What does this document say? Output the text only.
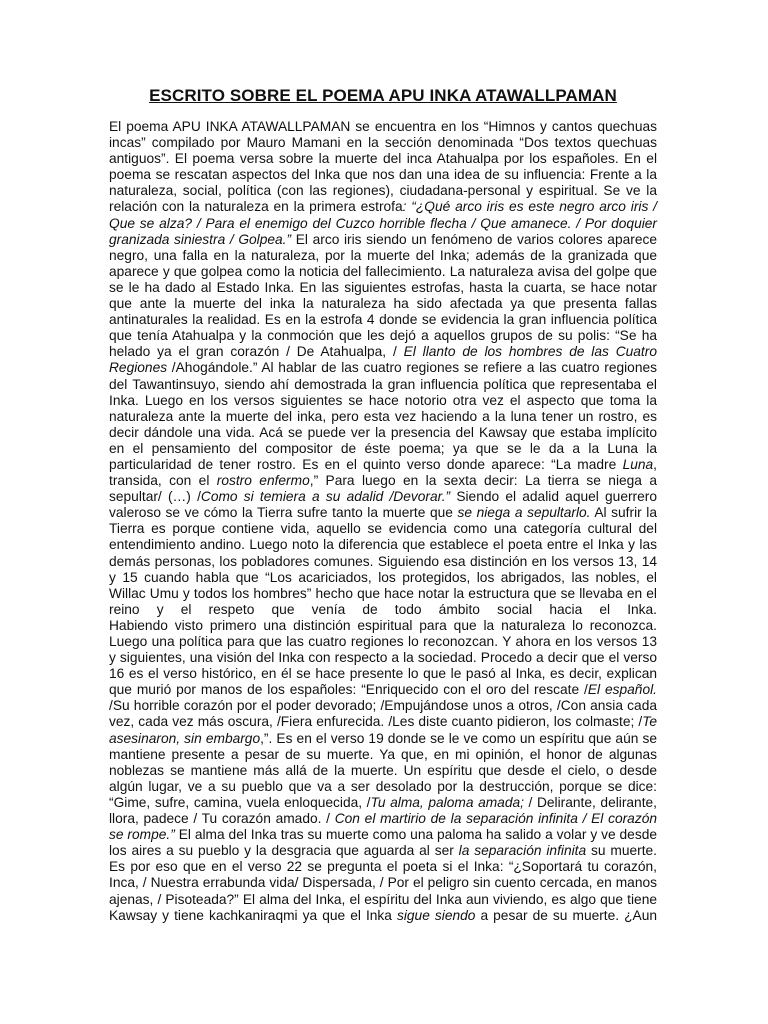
ESCRITO SOBRE EL POEMA APU INKA ATAWALLPAMAN

El poema APU INKA ATAWALLPAMAN se encuentra en los “Himnos y cantos quechuas incas” compilado por Mauro Mamani en la sección denominada “Dos textos quechuas antiguos”. El poema versa sobre la muerte del inca Atahualpa por los españoles. En el poema se rescatan aspectos del Inka que nos dan una idea de su influencia: Frente a la naturaleza, social, política (con las regiones), ciudadana-personal y espiritual. Se ve la relación con la naturaleza en la primera estrofa: “¿Qué arco iris es este negro arco iris / Que se alza? / Para el enemigo del Cuzco horrible flecha / Que amanece. / Por doquier granizada siniestra / Golpea.” El arco iris siendo un fenómeno de varios colores aparece negro, una falla en la naturaleza, por la muerte del Inka; además de la granizada que aparece y que golpea como la noticia del fallecimiento. La naturaleza avisa del golpe que se le ha dado al Estado Inka. En las siguientes estrofas, hasta la cuarta, se hace notar que ante la muerte del inka la naturaleza ha sido afectada ya que presenta fallas antinaturales la realidad. Es en la estrofa 4 donde se evidencia la gran influencia política que tenía Atahualpa y la conmoción que les dejó a aquellos grupos de su polis: “Se ha helado ya el gran corazón / De Atahualpa, / El llanto de los hombres de las Cuatro Regiones /Ahogándole.” Al hablar de las cuatro regiones se refiere a las cuatro regiones del Tawantinsuyo, siendo ahí demostrada la gran influencia política que representaba el Inka. Luego en los versos siguientes se hace notorio otra vez el aspecto que toma la naturaleza ante la muerte del inka, pero esta vez haciendo a la luna tener un rostro, es decir dándole una vida. Acá se puede ver la presencia del Kawsay que estaba implícito en el pensamiento del compositor de éste poema; ya que se le da a la Luna la particularidad de tener rostro. Es en el quinto verso donde aparece: “La madre Luna, transida, con el rostro enfermo,” Para luego en la sexta decir: La tierra se niega a sepultar/ (…) /Como si temiera a su adalid /Devorar.” Siendo el adalid aquel guerrero valeroso se ve cómo la Tierra sufre tanto la muerte que se niega a sepultarlo. Al sufrir la Tierra es porque contiene vida, aquello se evidencia como una categoría cultural del entendimiento andino. Luego noto la diferencia que establece el poeta entre el Inka y las demás personas, los pobladores comunes. Siguiendo esa distinción en los versos 13, 14 y 15 cuando habla que “Los acariciados, los protegidos, los abrigados, las nobles, el Willac Umu y todos los hombres” hecho que hace notar la estructura que se llevaba en el reino y el respeto que venía de todo ámbito social hacia el Inka.

Habiendo visto primero una distinción espiritual para que la naturaleza lo reconozca. Luego una política para que las cuatro regiones lo reconozcan. Y ahora en los versos 13 y siguientes, una visión del Inka con respecto a la sociedad. Procedo a decir que el verso 16 es el verso histórico, en él se hace presente lo que le pasó al Inka, es decir, explican que murió por manos de los españoles: “Enriquecido con el oro del rescate /El español. /Su horrible corazón por el poder devorado; /Empujándose unos a otros, /Con ansia cada vez, cada vez más oscura, /Fiera enfurecida. /Les diste cuanto pidieron, los colmaste; /Te asesinaron, sin embargo,”. Es en el verso 19 donde se le ve como un espíritu que aún se mantiene presente a pesar de su muerte. Ya que, en mi opinión, el honor de algunas noblezas se mantiene más allá de la muerte. Un espíritu que desde el cielo, o desde algún lugar, ve a su pueblo que va a ser desolado por la destrucción, porque se dice: “Gime, sufre, camina, vuela enloquecida, /Tu alma, paloma amada; / Delirante, delirante, llora, padece / Tu corazón amado. / Con el martirio de la separación infinita / El corazón se rompe.” El alma del Inka tras su muerte como una paloma ha salido a volar y ve desde los aires a su pueblo y la desgracia que aguarda al ser la separación infinita su muerte. Es por eso que en el verso 22 se pregunta el poeta si el Inka: “¿Soportará tu corazón, Inca, / Nuestra errabunda vida/ Dispersada, / Por el peligro sin cuento cercada, en manos ajenas, / Pisoteada?” El alma del Inka, el espíritu del Inka aun viviendo, es algo que tiene Kawsay y tiene kachkaniraqmi ya que el Inka sigue siendo a pesar de su muerte. ¿Aun
